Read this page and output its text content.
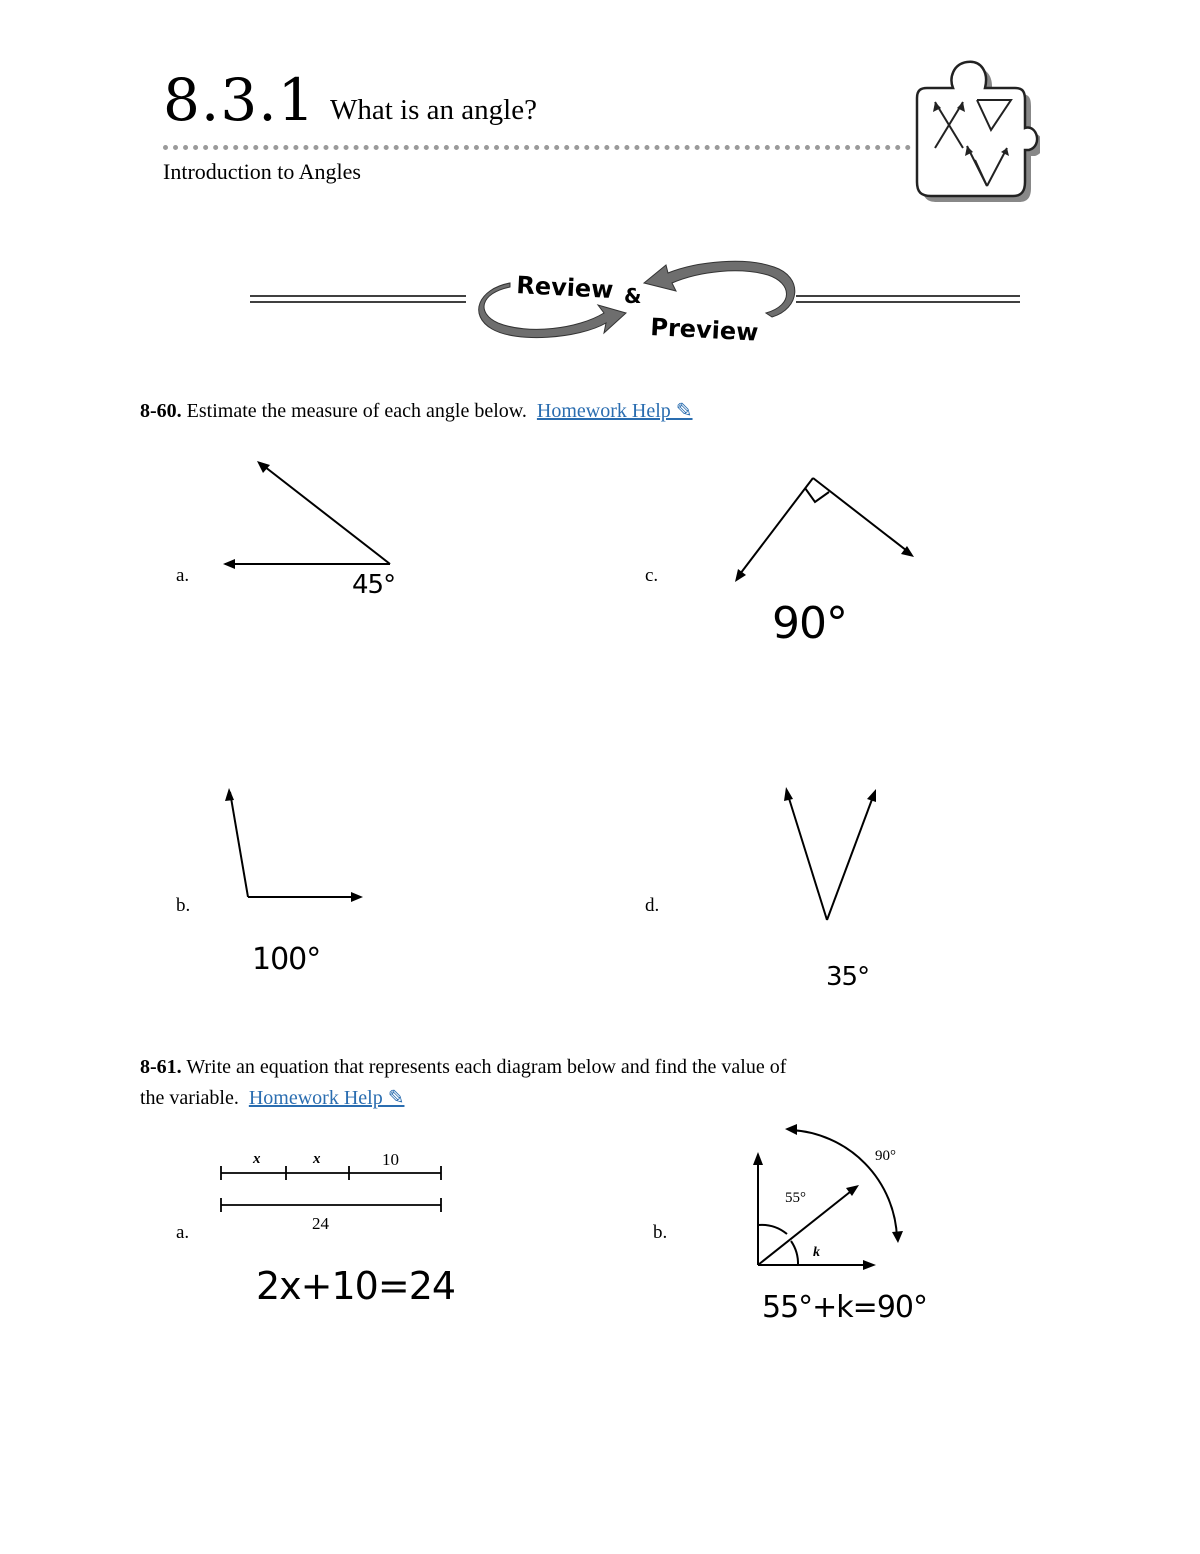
8.3.1 What is an angle?
Introduction to Angles
Review &
Preview
8-60. Estimate the measure of each angle below. Homework Help ✎
a.	45°	c.
90°
b.
100°
d.
35°
8-61. Write an equation that represents each diagram below and find the value of
the variable. Homework Help ✎
a.
x	x	10
24
2x+10=24
b.
90°
55°
k
55°+k=90°
